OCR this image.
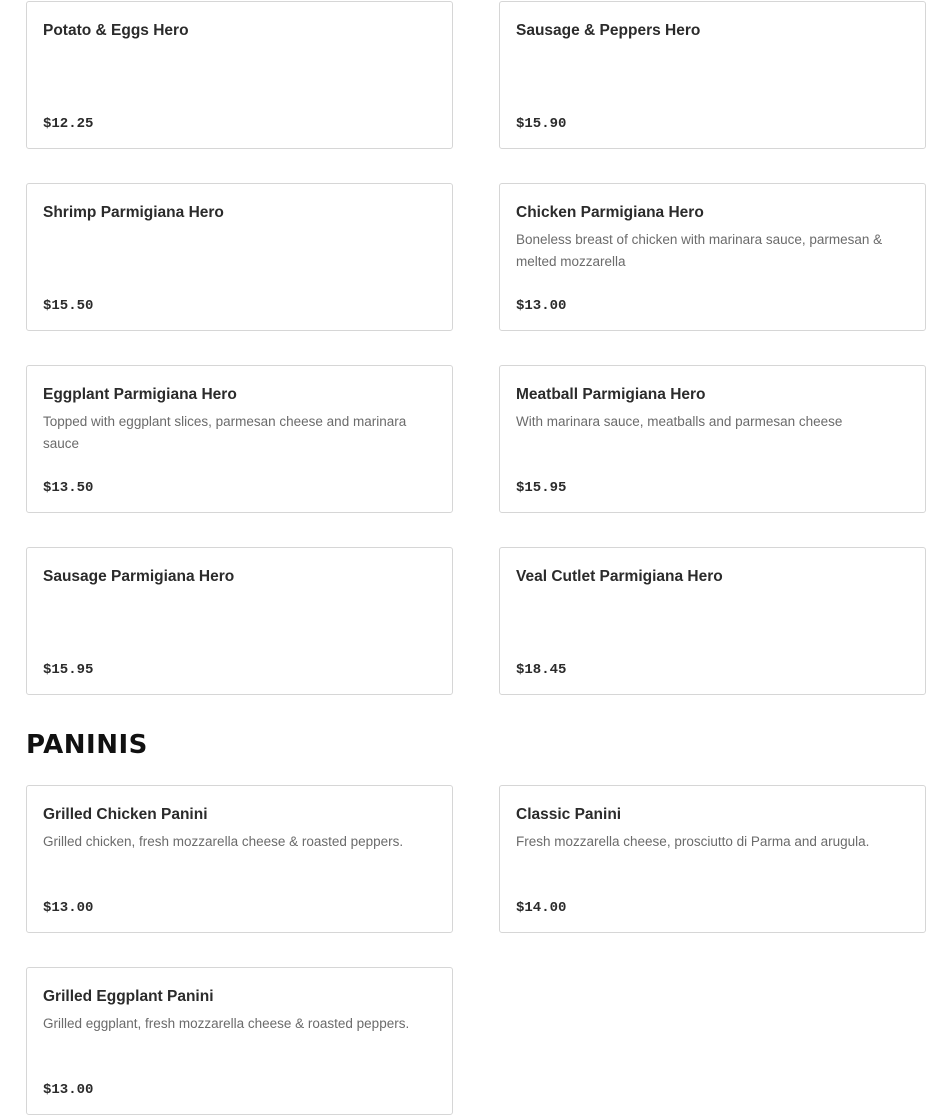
Potato & Eggs Hero
$12.25
Sausage & Peppers Hero
$15.90
Shrimp Parmigiana Hero
$15.50
Chicken Parmigiana Hero
Boneless breast of chicken with marinara sauce, parmesan & melted mozzarella
$13.00
Eggplant Parmigiana Hero
Topped with eggplant slices, parmesan cheese and marinara sauce
$13.50
Meatball Parmigiana Hero
With marinara sauce, meatballs and parmesan cheese
$15.95
Sausage Parmigiana Hero
$15.95
Veal Cutlet Parmigiana Hero
$18.45
PANINIS
Grilled Chicken Panini
Grilled chicken, fresh mozzarella cheese & roasted peppers.
$13.00
Classic Panini
Fresh mozzarella cheese, prosciutto di Parma and arugula.
$14.00
Grilled Eggplant Panini
Grilled eggplant, fresh mozzarella cheese & roasted peppers.
$13.00
